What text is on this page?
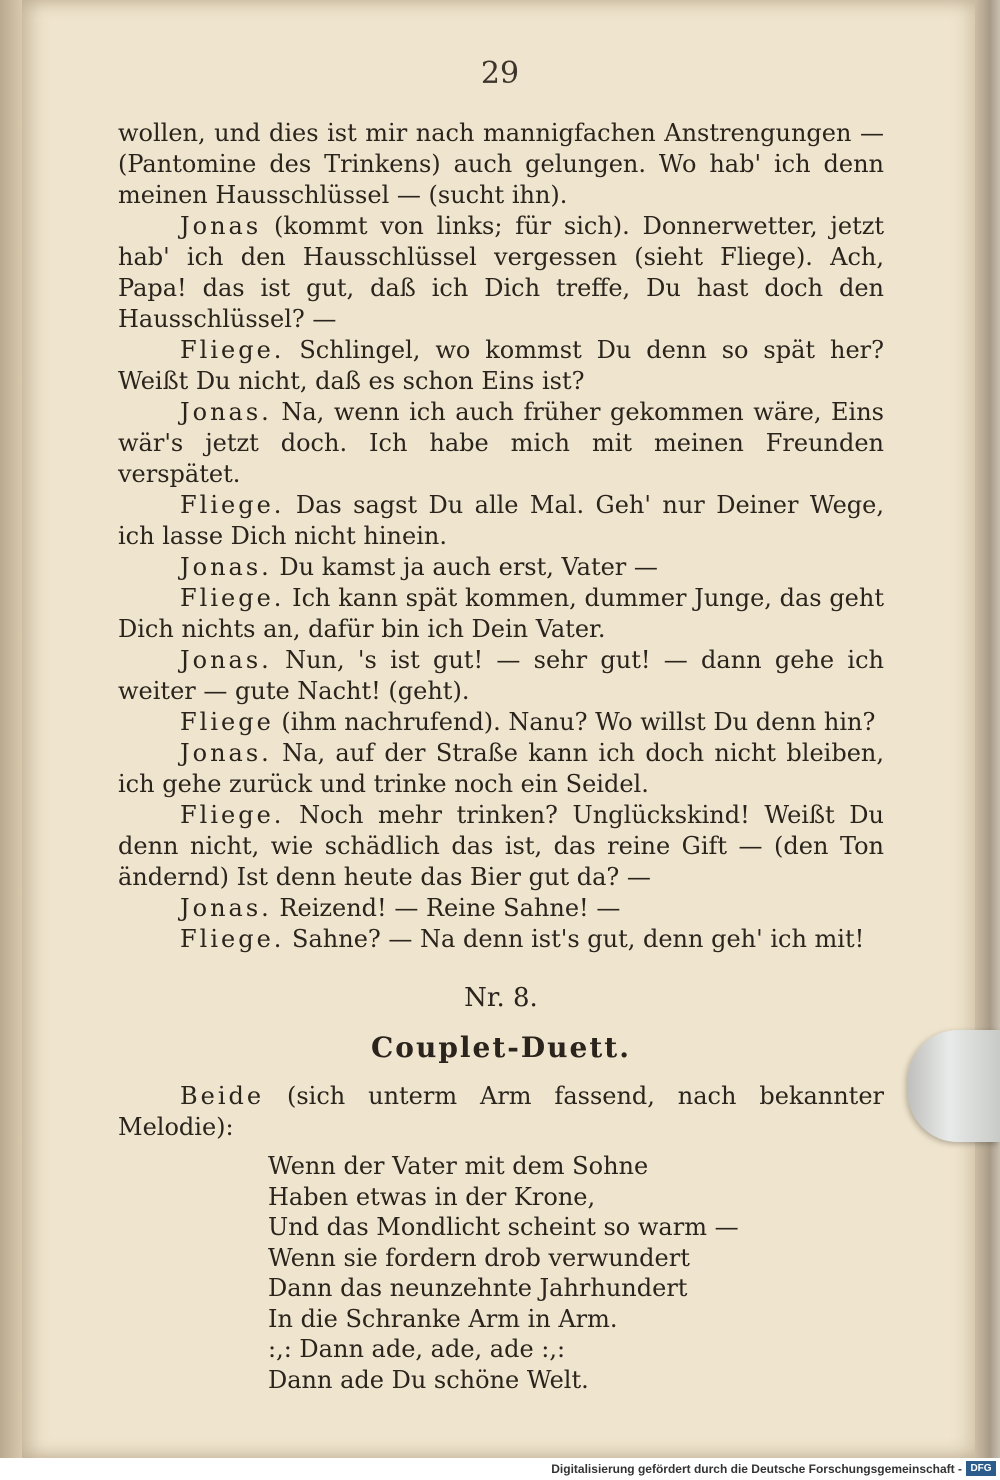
29

wollen, und dies ist mir nach mannigfachen Anstrengungen —

(Pantomine des Trinkens) auch gelungen. Wo hab' ich denn

meinen Hausschlüssel — (sucht ihn).

Jonas (kommt von links; für sich). Donnerwetter, jetzt hab' ich den Hausschlüssel vergessen (sieht Fliege). Ach, Papa! das ist gut, daß ich Dich treffe, Du hast doch den Hausschlüssel? —

Fliege. Schlingel, wo kommst Du denn so spät her? Weißt Du nicht, daß es schon Eins ist?

Jonas. Na, wenn ich auch früher gekommen wäre, Eins wär's jetzt doch. Ich habe mich mit meinen Freunden verspätet.

Fliege. Das sagst Du alle Mal. Geh' nur Deiner Wege, ich lasse Dich nicht hinein.

Jonas. Du kamst ja auch erst, Vater —

Fliege. Ich kann spät kommen, dummer Junge, das geht Dich nichts an, dafür bin ich Dein Vater.

Jonas. Nun, 's ist gut! — sehr gut! — dann gehe ich weiter — gute Nacht! (geht).

Fliege (ihm nachrufend). Nanu? Wo willst Du denn hin?

Jonas. Na, auf der Straße kann ich doch nicht bleiben, ich gehe zurück und trinke noch ein Seidel.

Fliege. Noch mehr trinken? Unglückskind! Weißt Du denn nicht, wie schädlich das ist, das reine Gift — (den Ton ändernd) Ist denn heute das Bier gut da? —

Jonas. Reizend! — Reine Sahne! —

Fliege. Sahne? — Na denn ist's gut, denn geh' ich mit!

Nr. 8.
Couplet-Duett.

Beide (sich unterm Arm fassend, nach bekannter Melodie):

Wenn der Vater mit dem Sohne
Haben etwas in der Krone,
Und das Mondlicht scheint so warm —
Wenn sie fordern drob verwundert
Dann das neunzehnte Jahrhundert
In die Schranke Arm in Arm.
:,: Dann ade, ade, ade :,:
Dann ade Du schöne Welt.
Digitalisierung gefördert durch die Deutsche Forschungsgemeinschaft - DFG
